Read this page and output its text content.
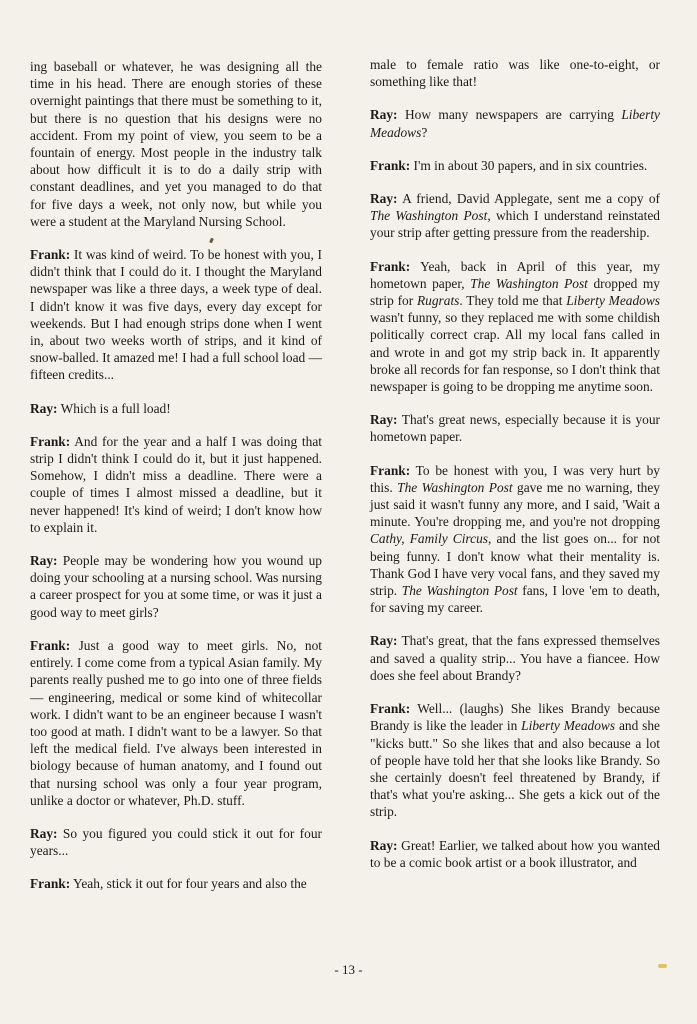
ing baseball or whatever, he was designing all the time in his head. There are enough stories of these overnight paintings that there must be something to it, but there is no question that his designs were no accident. From my point of view, you seem to be a fountain of energy. Most people in the industry talk about how difficult it is to do a daily strip with constant deadlines, and yet you managed to do that for five days a week, not only now, but while you were a student at the Maryland Nursing School.

Frank: It was kind of weird. To be honest with you, I didn't think that I could do it. I thought the Maryland newspaper was like a three days, a week type of deal. I didn't know it was five days, every day except for weekends. But I had enough strips done when I went in, about two weeks worth of strips, and it kind of snow-balled. It amazed me! I had a full school load — fifteen credits...

Ray: Which is a full load!

Frank: And for the year and a half I was doing that strip I didn't think I could do it, but it just happened. Somehow, I didn't miss a deadline. There were a couple of times I almost missed a deadline, but it never happened! It's kind of weird; I don't know how to explain it.

Ray: People may be wondering how you wound up doing your schooling at a nursing school. Was nursing a career prospect for you at some time, or was it just a good way to meet girls?

Frank: Just a good way to meet girls. No, not entirely. I come come from a typical Asian family. My parents really pushed me to go into one of three fields — engineering, medical or some kind of whitecollar work. I didn't want to be an engineer because I wasn't too good at math. I didn't want to be a lawyer. So that left the medical field. I've always been interested in biology because of human anatomy, and I found out that nursing school was only a four year program, unlike a doctor or whatever, Ph.D. stuff.

Ray: So you figured you could stick it out for four years...

Frank: Yeah, stick it out for four years and also the

male to female ratio was like one-to-eight, or something like that!

Ray: How many newspapers are carrying Liberty Meadows?

Frank: I'm in about 30 papers, and in six countries.

Ray: A friend, David Applegate, sent me a copy of The Washington Post, which I understand reinstated your strip after getting pressure from the readership.

Frank: Yeah, back in April of this year, my hometown paper, The Washington Post dropped my strip for Rugrats. They told me that Liberty Meadows wasn't funny, so they replaced me with some childish politically correct crap. All my local fans called in and wrote in and got my strip back in. It apparently broke all records for fan response, so I don't think that newspaper is going to be dropping me anytime soon.

Ray: That's great news, especially because it is your hometown paper.

Frank: To be honest with you, I was very hurt by this. The Washington Post gave me no warning, they just said it wasn't funny any more, and I said, 'Wait a minute. You're dropping me, and you're not dropping Cathy, Family Circus, and the list goes on... for not being funny. I don't know what their mentality is. Thank God I have very vocal fans, and they saved my strip. The Washington Post fans, I love 'em to death, for saving my career.

Ray: That's great, that the fans expressed themselves and saved a quality strip... You have a fiancee. How does she feel about Brandy?

Frank: Well... (laughs) She likes Brandy because Brandy is like the leader in Liberty Meadows and she "kicks butt." So she likes that and also because a lot of people have told her that she looks like Brandy. So she certainly doesn't feel threatened by Brandy, if that's what you're asking... She gets a kick out of the strip.

Ray: Great! Earlier, we talked about how you wanted to be a comic book artist or a book illustrator, and

- 13 -
